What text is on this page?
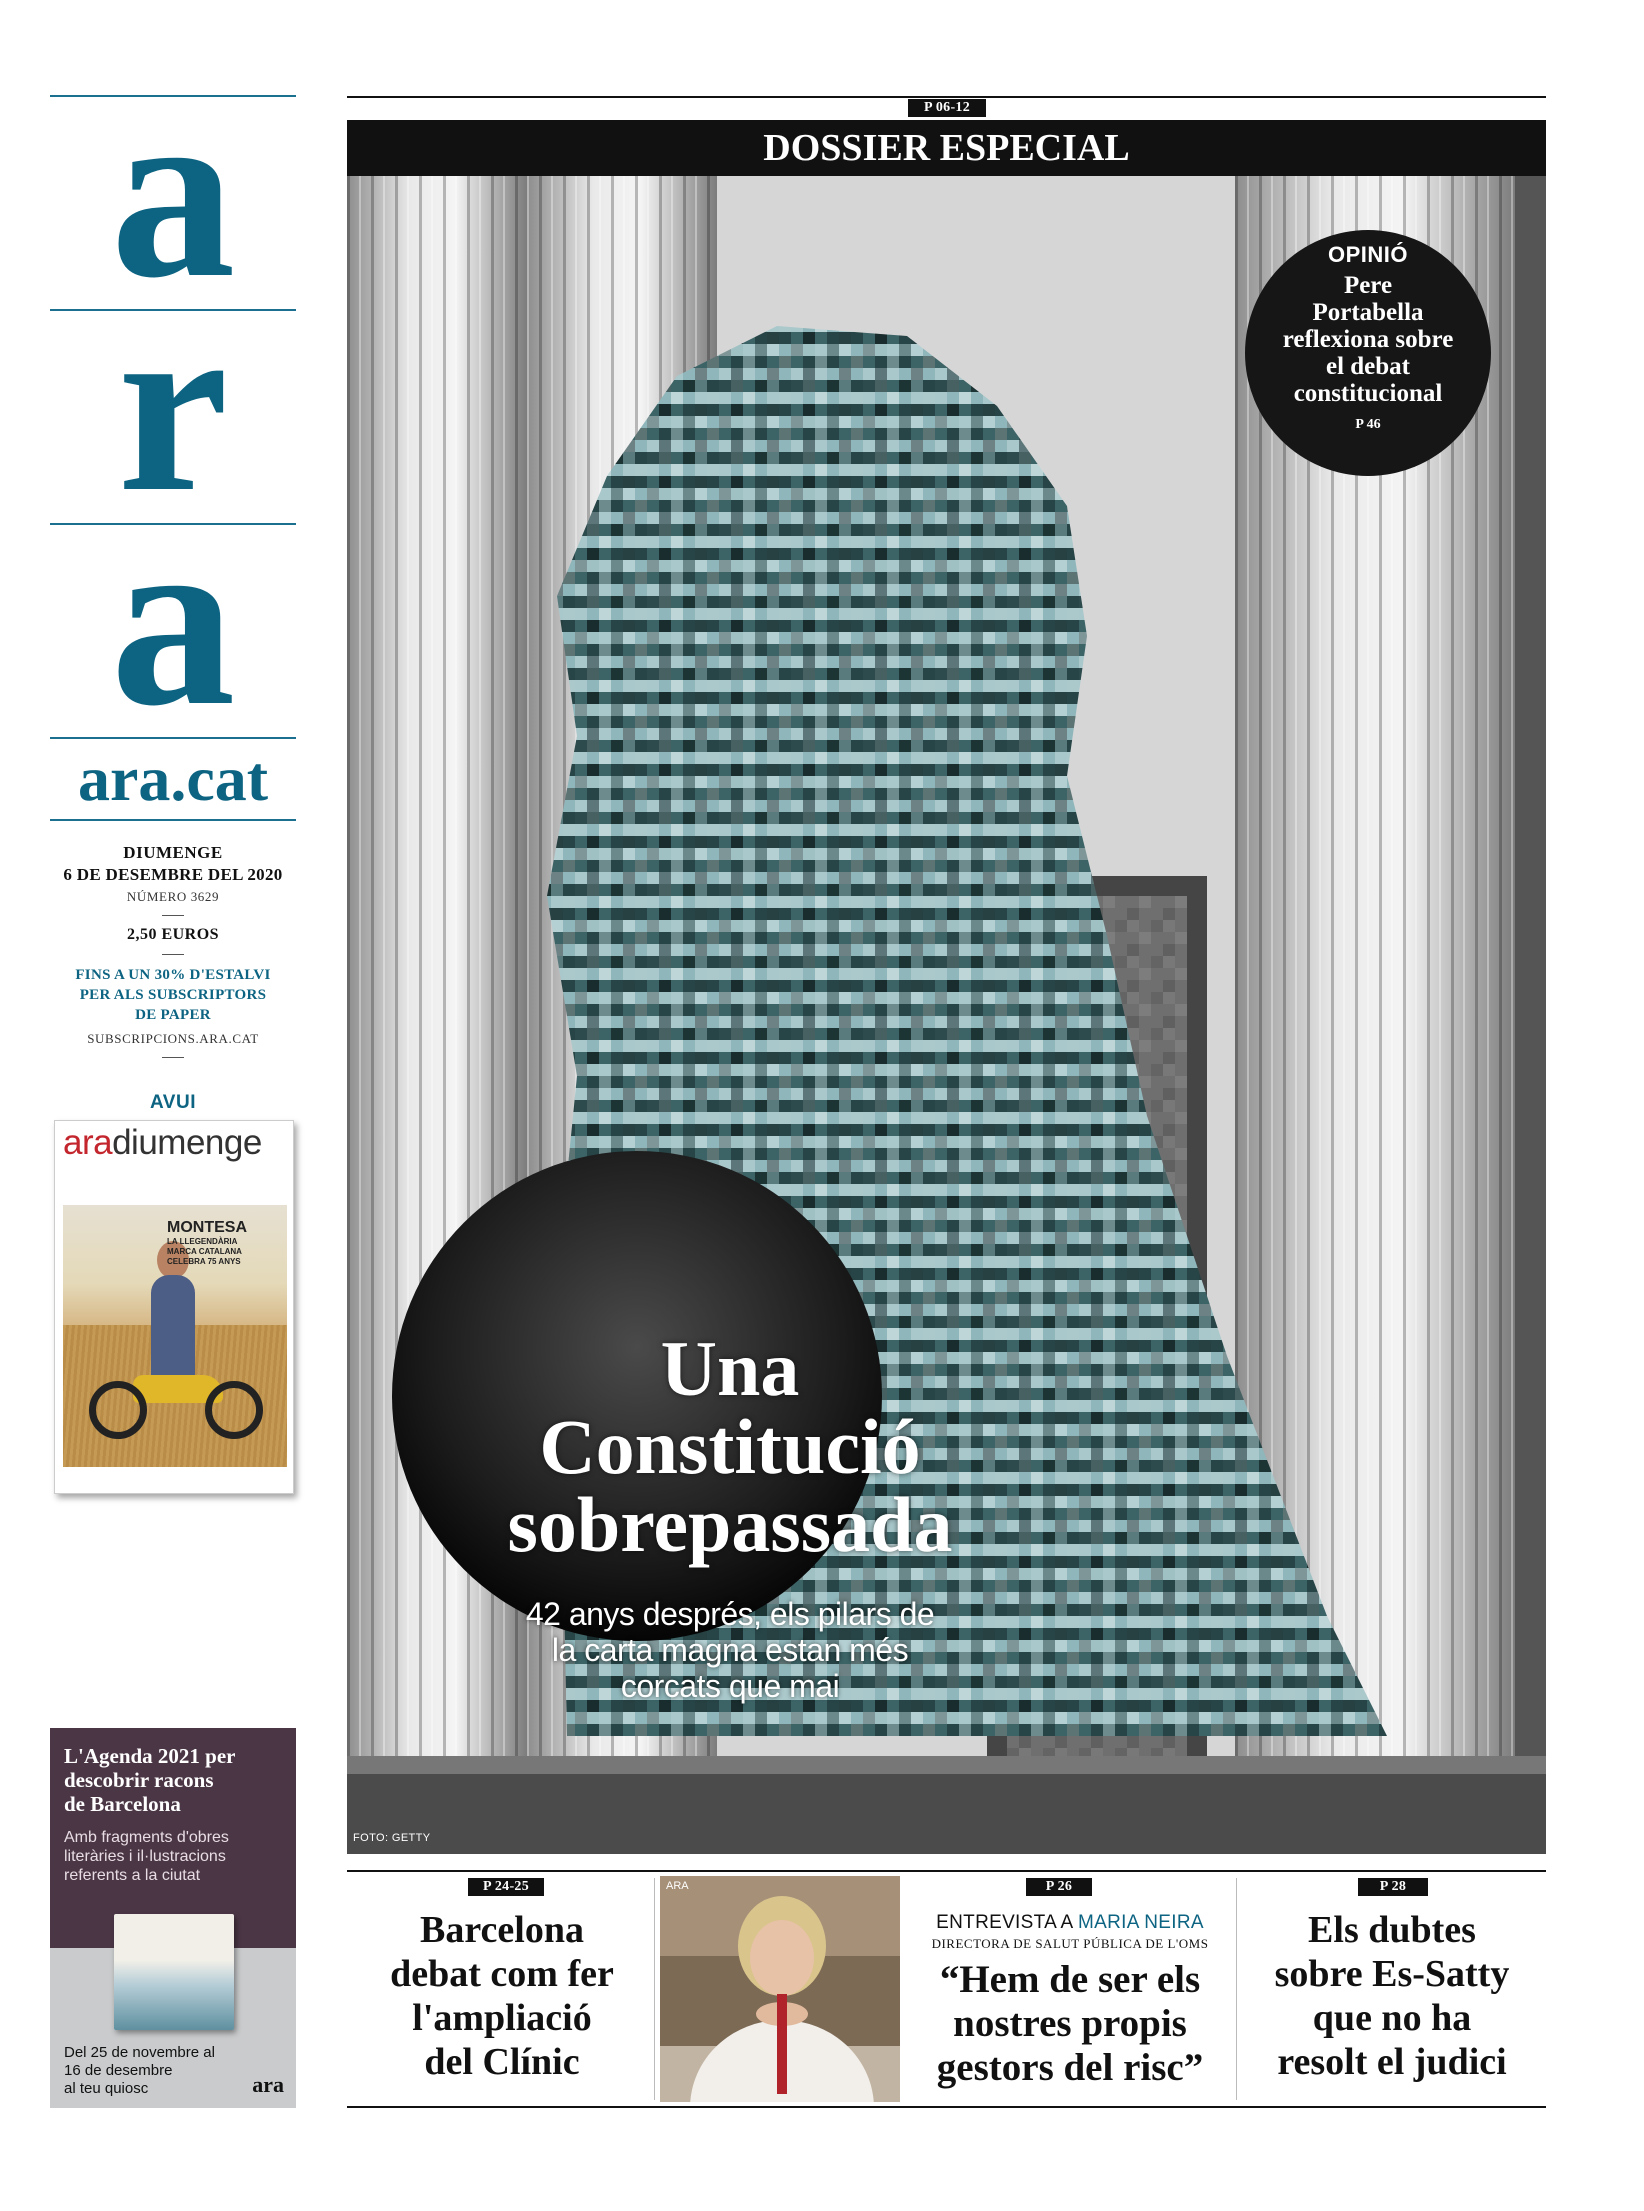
a
r
a
ara.cat
DIUMENGE
6 DE DESEMBRE DEL 2020
NÚMERO 3629
2,50 EUROS
FINS A UN 30% D'ESTALVI
PER ALS SUBSCRIPTORS
DE PAPER
SUBSCRIPCIONS.ARA.CAT
AVUI
aradiumenge
MONTESA
LA LLEGENDÀRIA
MARCA CATALANA
CELEBRA 75 ANYS
L'Agenda 2021 per
descobrir racons
de Barcelona
Amb fragments d'obres
literàries i il·lustracions
referents a la ciutat
Del 25 de novembre al
16 de desembre
al teu quiosc	ara
P 06-12
DOSSIER ESPECIAL
FOTO: GETTY
OPINIÓ
Pere
Portabella
reflexiona sobre
el debat
constitucional
P 46
Una
Constitució
sobrepassada
42 anys després, els pilars de
la carta magna estan més
corcats que mai
P 24-25
Barcelona
debat com fer
l'ampliació
del Clínic
ARA	P 26
ENTREVISTA A MARIA NEIRA
DIRECTORA DE SALUT PÚBLICA DE L'OMS
“Hem de ser els
nostres propis
gestors del risc”
P 28
Els dubtes
sobre Es-Satty
que no ha
resolt el judici
